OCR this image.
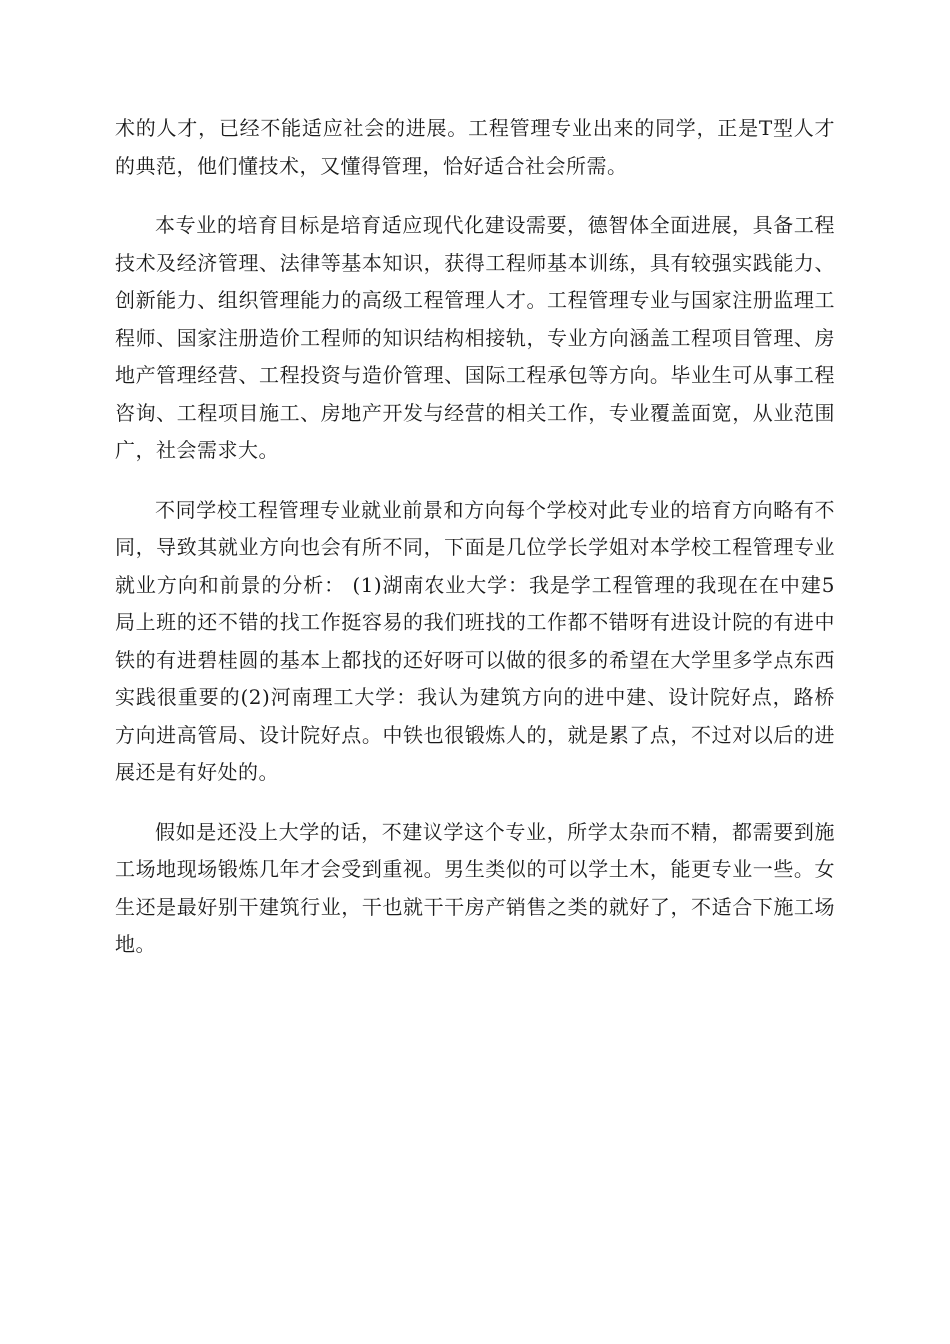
术的人才，已经不能适应社会的进展。工程管理专业出来的同学，正是T型人才的典范，他们懂技术，又懂得管理，恰好适合社会所需。

本专业的培育目标是培育适应现代化建设需要，德智体全面进展，具备工程技术及经济管理、法律等基本知识，获得工程师基本训练，具有较强实践能力、创新能力、组织管理能力的高级工程管理人才。工程管理专业与国家注册监理工程师、国家注册造价工程师的知识结构相接轨，专业方向涵盖工程项目管理、房地产管理经营、工程投资与造价管理、国际工程承包等方向。毕业生可从事工程咨询、工程项目施工、房地产开发与经营的相关工作，专业覆盖面宽，从业范围广，社会需求大。

不同学校工程管理专业就业前景和方向每个学校对此专业的培育方向略有不同，导致其就业方向也会有所不同，下面是几位学长学姐对本学校工程管理专业就业方向和前景的分析： (1)湖南农业大学：我是学工程管理的我现在在中建5局上班的还不错的找工作挺容易的我们班找的工作都不错呀有进设计院的有进中铁的有进碧桂圆的基本上都找的还好呀可以做的很多的希望在大学里多学点东西实践很重要的(2)河南理工大学：我认为建筑方向的进中建、设计院好点，路桥方向进高管局、设计院好点。中铁也很锻炼人的，就是累了点，不过对以后的进展还是有好处的。

假如是还没上大学的话，不建议学这个专业，所学太杂而不精，都需要到施工场地现场锻炼几年才会受到重视。男生类似的可以学土木，能更专业一些。女生还是最好别干建筑行业，干也就干干房产销售之类的就好了，不适合下施工场地。
